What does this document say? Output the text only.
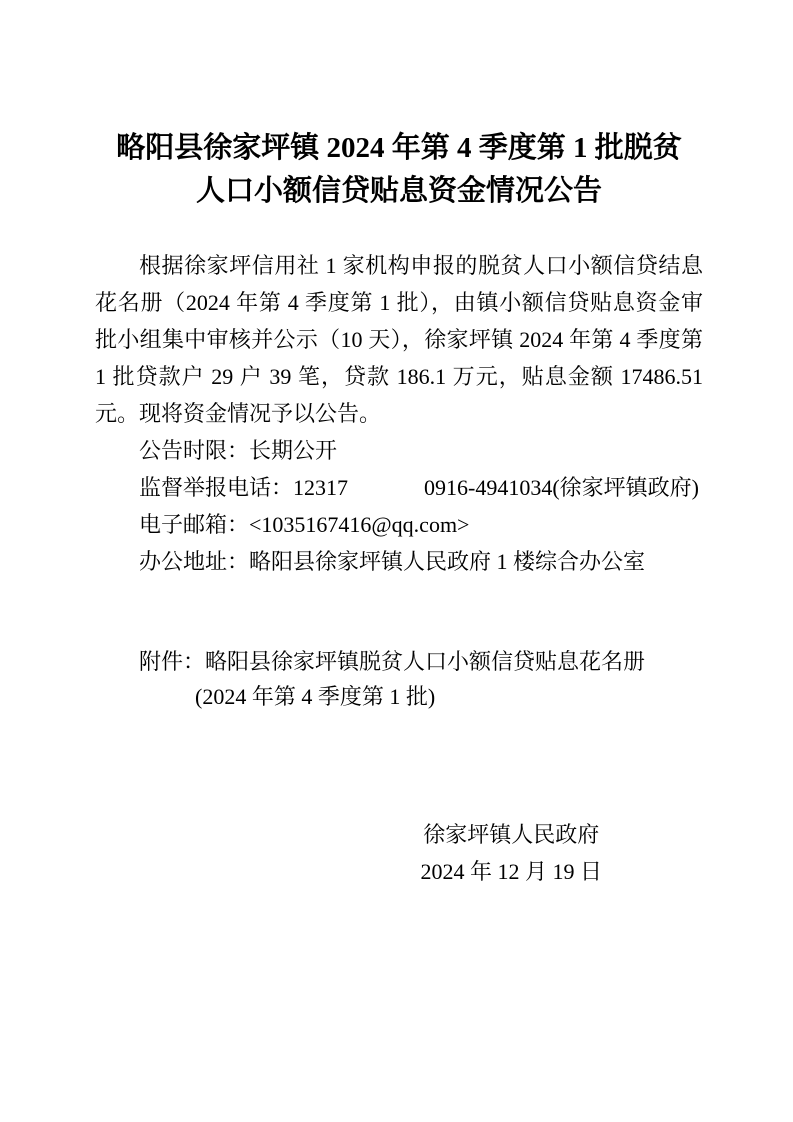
略阳县徐家坪镇 2024 年第 4 季度第 1 批脱贫
人口小额信贷贴息资金情况公告

根据徐家坪信用社 1 家机构申报的脱贫人口小额信贷结息花名册（2024 年第 4 季度第 1 批），由镇小额信贷贴息资金审批小组集中审核并公示（10 天），徐家坪镇 2024 年第 4 季度第 1 批贷款户 29 户 39 笔，贷款 186.1 万元，贴息金额 17486.51 元。现将资金情况予以公告。

公告时限：长期公开
监督举报电话：12317	0916-4941034(徐家坪镇政府)
电子邮箱：<1035167416@qq.com>
办公地址：略阳县徐家坪镇人民政府 1 楼综合办公室
附件：略阳县徐家坪镇脱贫人口小额信贷贴息花名册
(2024 年第 4 季度第 1 批)
徐家坪镇人民政府
2024 年 12 月 19 日
